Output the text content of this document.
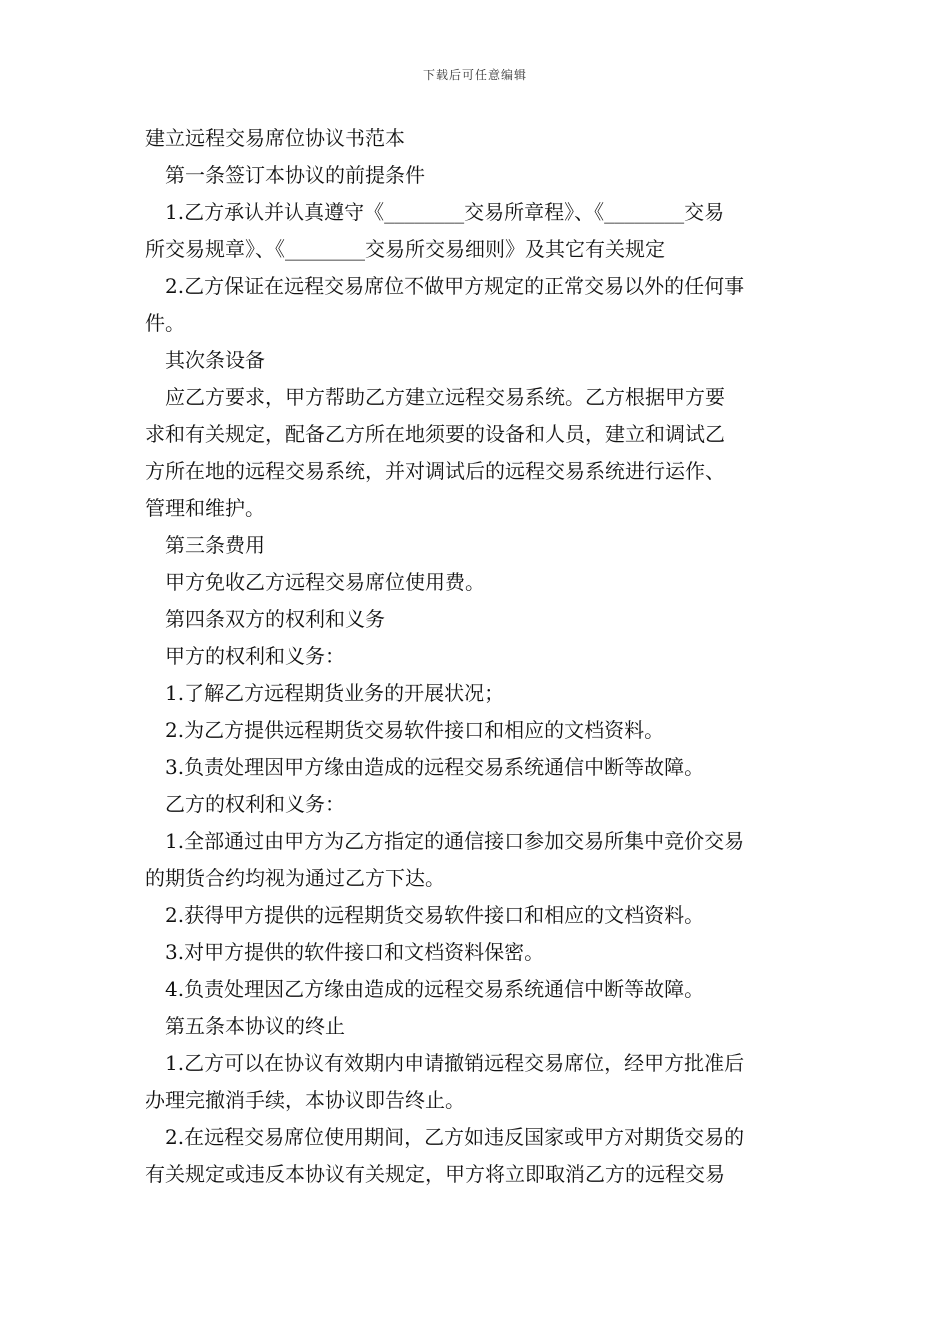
下载后可任意编辑
建立远程交易席位协议书范本
第一条签订本协议的前提条件
1.乙方承认并认真遵守《________交易所章程》、《________交易
所交易规章》、《________交易所交易细则》及其它有关规定
2.乙方保证在远程交易席位不做甲方规定的正常交易以外的任何事
件。
其次条设备
应乙方要求，甲方帮助乙方建立远程交易系统。乙方根据甲方要
求和有关规定，配备乙方所在地须要的设备和人员，建立和调试乙
方所在地的远程交易系统，并对调试后的远程交易系统进行运作、
管理和维护。
第三条费用
甲方免收乙方远程交易席位使用费。
第四条双方的权利和义务
甲方的权利和义务：
1.了解乙方远程期货业务的开展状况；
2.为乙方提供远程期货交易软件接口和相应的文档资料。
3.负责处理因甲方缘由造成的远程交易系统通信中断等故障。
乙方的权利和义务：
1.全部通过由甲方为乙方指定的通信接口参加交易所集中竞价交易
的期货合约均视为通过乙方下达。
2.获得甲方提供的远程期货交易软件接口和相应的文档资料。
3.对甲方提供的软件接口和文档资料保密。
4.负责处理因乙方缘由造成的远程交易系统通信中断等故障。
第五条本协议的终止
1.乙方可以在协议有效期内申请撤销远程交易席位，经甲方批准后
办理完撤消手续，本协议即告终止。
2.在远程交易席位使用期间，乙方如违反国家或甲方对期货交易的
有关规定或违反本协议有关规定，甲方将立即取消乙方的远程交易
